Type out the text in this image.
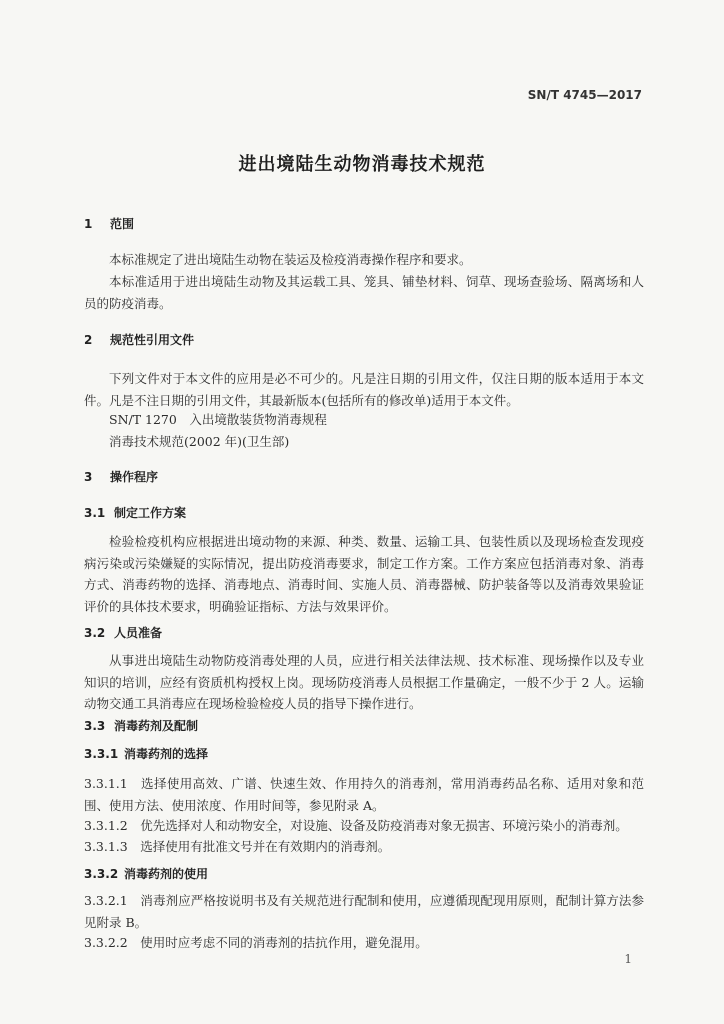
SN/T 4745—2017
进出境陆生动物消毒技术规范
1 范围
本标准规定了进出境陆生动物在装运及检疫消毒操作程序和要求。
本标准适用于进出境陆生动物及其运载工具、笼具、铺垫材料、饲草、现场查验场、隔离场和人员的防疫消毒。
2 规范性引用文件
下列文件对于本文件的应用是必不可少的。凡是注日期的引用文件，仅注日期的版本适用于本文件。凡是不注日期的引用文件，其最新版本(包括所有的修改单)适用于本文件。
SN/T 1270　入出境散装货物消毒规程
消毒技术规范(2002 年)(卫生部)
3 操作程序
3.1 制定工作方案
检验检疫机构应根据进出境动物的来源、种类、数量、运输工具、包装性质以及现场检查发现疫病污染或污染嫌疑的实际情况，提出防疫消毒要求，制定工作方案。工作方案应包括消毒对象、消毒方式、消毒药物的选择、消毒地点、消毒时间、实施人员、消毒器械、防护装备等以及消毒效果验证评价的具体技术要求，明确验证指标、方法与效果评价。
3.2 人员准备
从事进出境陆生动物防疫消毒处理的人员，应进行相关法律法规、技术标准、现场操作以及专业知识的培训，应经有资质机构授权上岗。现场防疫消毒人员根据工作量确定，一般不少于 2 人。运输动物交通工具消毒应在现场检验检疫人员的指导下操作进行。
3.3 消毒药剂及配制
3.3.1 消毒药剂的选择
3.3.1.1　 选择使用高效、广谱、快速生效、作用持久的消毒剂，常用消毒药品名称、适用对象和范围、使用方法、使用浓度、作用时间等，参见附录 A。
3.3.1.2　 优先选择对人和动物安全，对设施、设备及防疫消毒对象无损害、环境污染小的消毒剂。
3.3.1.3　 选择使用有批准文号并在有效期内的消毒剂。
3.3.2 消毒药剂的使用
3.3.2.1　 消毒剂应严格按说明书及有关规范进行配制和使用，应遵循现配现用原则，配制计算方法参见附录 B。
3.3.2.2　 使用时应考虑不同的消毒剂的拮抗作用，避免混用。
1
